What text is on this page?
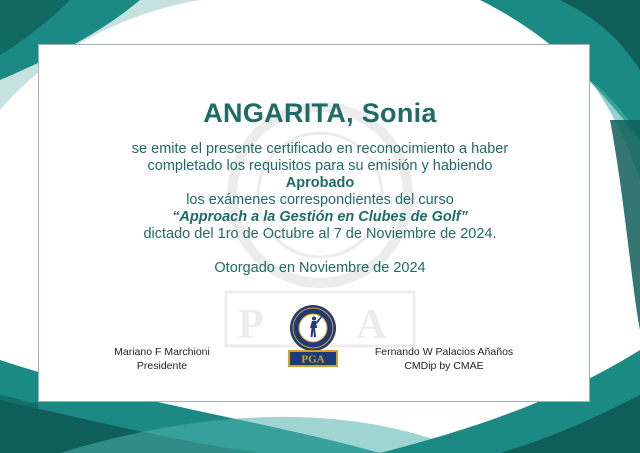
ANGARITA, Sonia
se emite el presente certificado en reconocimiento a haber
completado los requisitos para su emisión y habiendo
Aprobado
los exámenes correspondientes del curso
“Approach a la Gestión en Clubes de Golf”
dictado del 1ro de Octubre al 7 de Noviembre de 2024.
Otorgado en Noviembre de 2024
Mariano F Marchioni
Presidente
Fernando W Palacios Añaños
CMDip by CMAE
PGA
